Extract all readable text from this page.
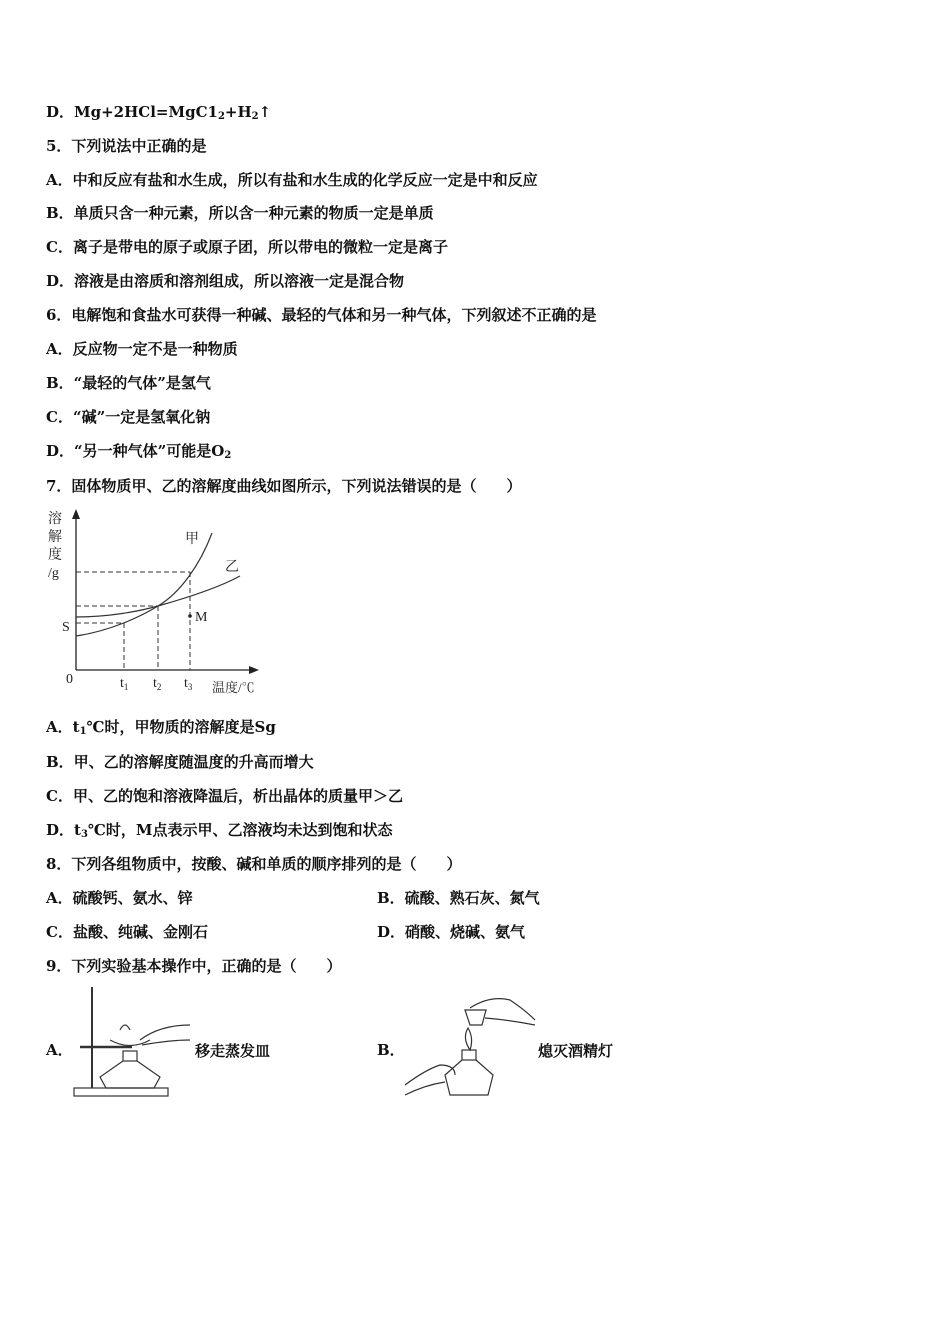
D．$Mg+2HCl=MgC1_2+H_2↑$
5．下列说法中正确的是
A．中和反应有盐和水生成，所以有盐和水生成的化学反应一定是中和反应
B．单质只含一种元素，所以含一种元素的物质一定是单质
C．离子是带电的原子或原子团，所以带电的微粒一定是离子
D．溶液是由溶质和溶剂组成，所以溶液一定是混合物
6．电解饱和食盐水可获得一种碱、最轻的气体和另一种气体，下列叙述不正确的是
A．反应物一定不是一种物质
B．“最轻的气体”是氢气
C．“碱”一定是氢氧化钠
D．“另一种气体”可能是$O_2$
7．固体物质甲、乙的溶解度曲线如图所示，下列说法错误的是（　　）
溶
解
度
/g
0
S
M
甲
乙
$t_1$ $t_2$ $t_3$ 温度/℃
A．$t_1℃$时，甲物质的溶解度是Sg
B．甲、乙的溶解度随温度的升高而增大
C．甲、乙的饱和溶液降温后，析出晶体的质量甲＞乙
D．$t_3℃$时，M点表示甲、乙溶液均未达到饱和状态
8．下列各组物质中，按酸、碱和单质的顺序排列的是（　　）
A．硫酸钙、氨水、锌	B．硫酸、熟石灰、氮气
C．盐酸、纯碱、金刚石	D．硝酸、烧碱、氨气
9．下列实验基本操作中，正确的是（　　）
A．	移走蒸发皿	B．	熄灭酒精灯
